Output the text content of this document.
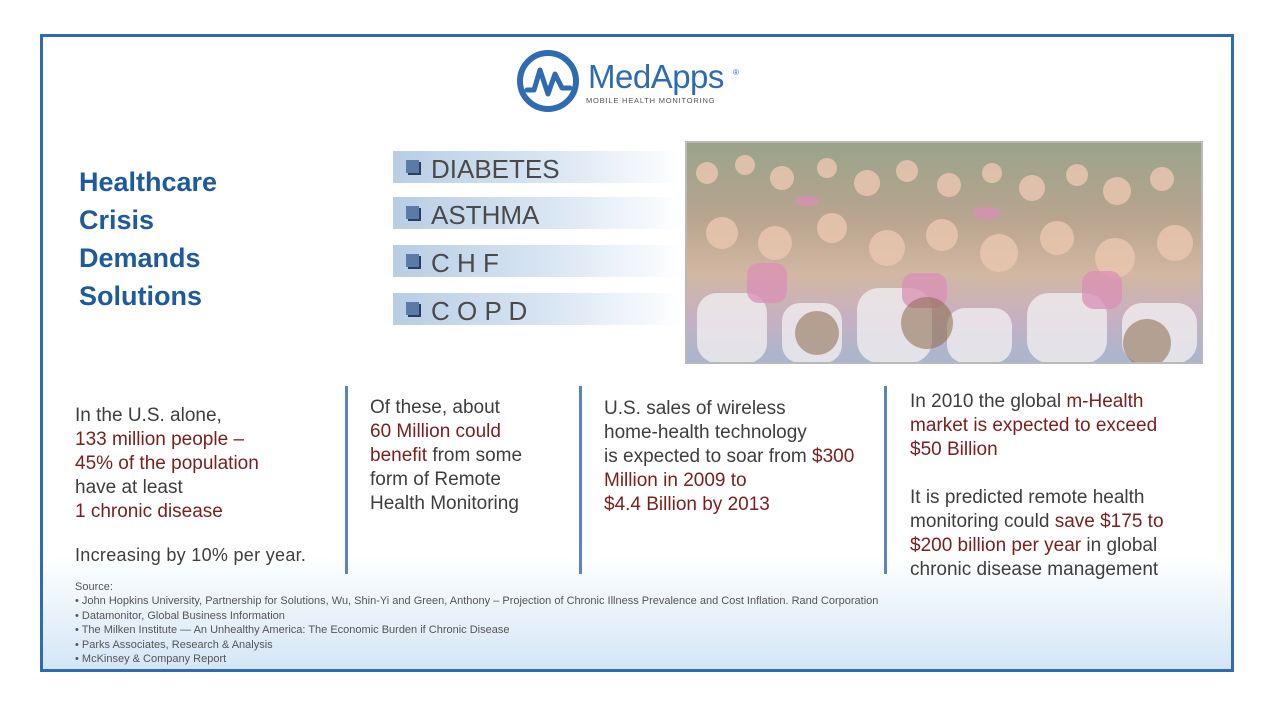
MedApps ®
MOBILE HEALTH MONITORING
Healthcare
Crisis
Demands
Solutions
DIABETES
ASTHMA
C H F
C O P D
In the U.S. alone,
133 million people –
45% of the population
have at least
1 chronic disease
Increasing by 10% per year.
Of these, about
60 Million could
benefit from some
form of Remote
Health Monitoring
U.S. sales of wireless
home-health technology
is expected to soar from $300
Million in 2009 to
$4.4 Billion by 2013
In 2010 the global m-Health
market is expected to exceed
$50 Billion
It is predicted remote health
monitoring could save $175 to
$200 billion per year in global
chronic disease management
Source:
• John Hopkins University, Partnership for Solutions, Wu, Shin-Yi and Green, Anthony – Projection of Chronic Illness Prevalence and Cost Inflation. Rand Corporation
• Datamonitor, Global Business Information
• The Milken Institute — An Unhealthy America: The Economic Burden if Chronic Disease
• Parks Associates, Research & Analysis
• McKinsey & Company Report
